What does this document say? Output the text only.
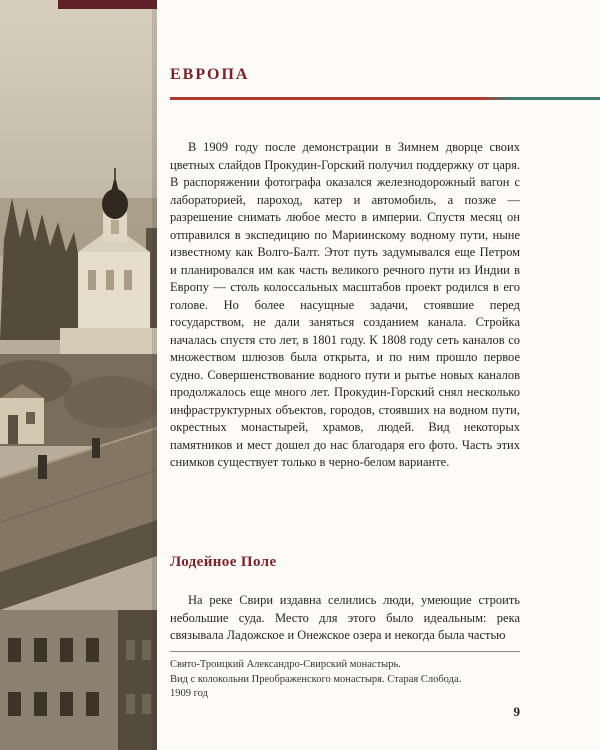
ЕВРОПА

В 1909 году после демонстрации в Зимнем дворце своих цветных слайдов Прокудин-Горский получил поддержку от царя. В распоряжении фотографа оказался железнодорожный вагон с лабораторией, пароход, катер и автомобиль, а позже — разрешение снимать любое место в империи. Спустя месяц он отправился в экспедицию по Мариинскому водному пути, ныне известному как Волго-Балт. Этот путь задумывался еще Петром и планировался им как часть великого речного пути из Индии в Европу — столь колоссальных масштабов проект родился в его голове. Но более насущные задачи, стоявшие перед государством, не дали заняться созданием канала. Стройка началась спустя сто лет, в 1801 году. К 1808 году сеть каналов со множеством шлюзов была открыта, и по ним прошло первое судно. Совершенствование водного пути и рытье новых каналов продолжалось еще много лет. Прокудин-Горский снял несколько инфраструктурных объектов, городов, стоявших на водном пути, окрестных монастырей, храмов, людей. Вид некоторых памятников и мест дошел до нас благодаря его фото. Часть этих снимков существует только в черно-белом варианте.

Лодейное Поле

На реке Свири издавна селились люди, умеющие строить небольшие суда. Место для этого было идеальным: река связывала Ладожское и Онежское озера и некогда была частью

Свято-Троицкий Александро-Свирский монастырь.
Вид с колокольни Преображенского монастыря. Старая Слобода.
1909 год
9
